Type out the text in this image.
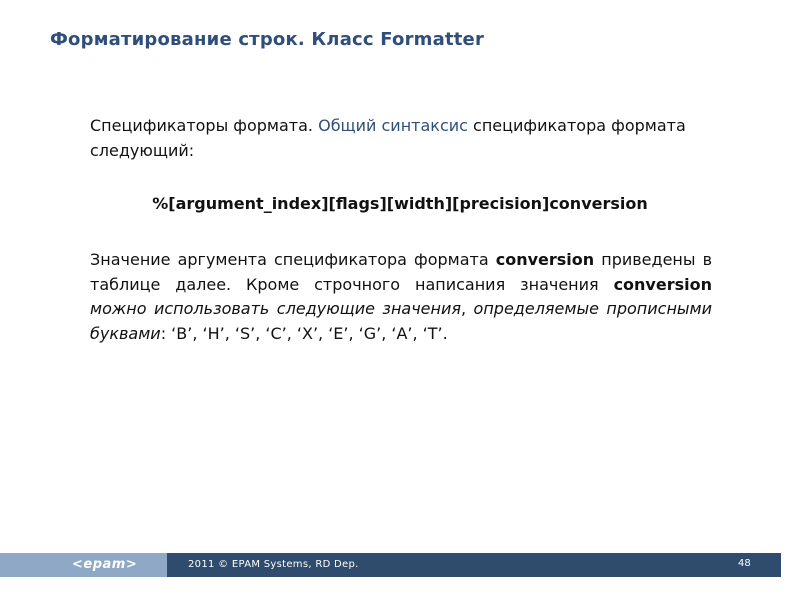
Форматирование строк. Класс Formatter
Спецификаторы формата. Общий синтаксис спецификатора формата следующий:
%[argument_index][flags][width][precision]conversion
Значение аргумента спецификатора формата conversion приведены в таблице далее. Кроме строчного написания значения conversion можно использовать следующие значения, определяемые прописными буквами: ‘B’, ‘H’, ‘S’, ‘C’, ‘X’, ‘E’, ‘G’, ‘A’, ‘T’.
<epam>	2011 © EPAM Systems, RD Dep.	48
